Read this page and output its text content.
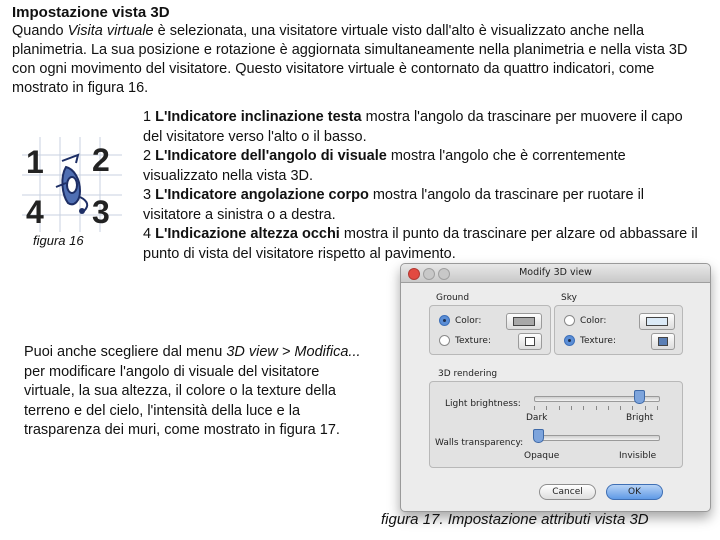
Impostazione vista 3D
Quando Visita virtuale è selezionata, una visitatore virtuale visto dall'alto è visualizzato anche nella planimetria. La sua posizione e rotazione è aggiornata simultaneamente nella planimetria e nella vista 3D con ogni movimento del visitatore. Questo visitatore virtuale è contornato da quattro indicatori, come mostrato in figura 16.
1 2
4 3
figura 16

1 L'Indicatore inclinazione testa mostra l'angolo da trascinare per muovere il capo del visitatore verso l'alto o il basso.

2 L'Indicatore dell'angolo di visuale mostra l'angolo che è correntemente visualizzato nella vista 3D.

3 L'Indicatore angolazione corpo mostra l'angolo da trascinare per ruotare il visitatore a sinistra o a destra.

4 L'Indicazione altezza occhi mostra il punto da trascinare per alzare od abbassare il punto di vista del visitatore rispetto al pavimento.

Puoi anche scegliere dal menu 3D view > Modifica... per modificare l'angolo di visuale del visitatore virtuale, la sua altezza, il colore o la texture della terreno e del cielo, l'intensità della luce e la trasparenza dei muri, come mostrato in figura 17.
Modify 3D view
Ground
Color:
Texture:
Sky
Color:
Texture:
3D rendering
Light brightness:
Dark	Bright
Walls transparency:
Opaque	Invisible
Cancel	OK
figura 17. Impostazione attributi vista 3D
